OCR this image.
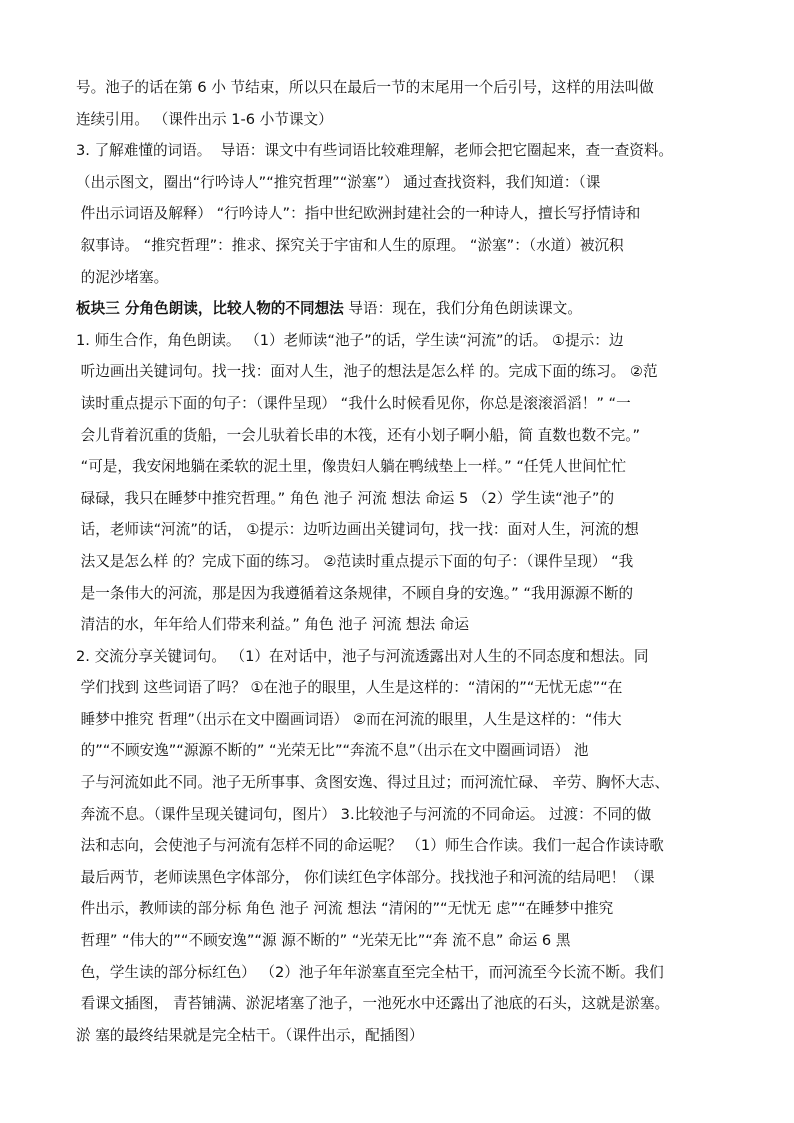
号。池子的话在第 6 小 节结束，所以只在最后一节的末尾用一个后引号，这样的用法叫做
连续引用。 （课件出示 1-6 小节课文）
3. 了解难懂的词语。  导语：课文中有些词语比较难理解，老师会把它圈起来，查一查资料。
（出示图文，圈出“行吟诗人”“推究哲理”“淤塞”） 通过查找资料，我们知道：（课
件出示词语及解释） “行吟诗人”：指中世纪欧洲封建社会的一种诗人，擅长写抒情诗和
叙事诗。 “推究哲理”：推求、探究关于宇宙和人生的原理。 “淤塞”：（水道）被沉积
的泥沙堵塞。
板块三 分角色朗读，比较人物的不同想法 导语：现在，我们分角色朗读课文。
1. 师生合作，角色朗读。 （1）老师读“池子”的话，学生读“河流”的话。 ①提示：边
听边画出关键词句。找一找：面对人生，池子的想法是怎么样 的。完成下面的练习。 ②范
读时重点提示下面的句子：（课件呈现） “我什么时候看见你，你总是滚滚滔滔！” “一
会儿背着沉重的货船，一会儿驮着长串的木筏，还有小划子啊小船，简 直数也数不完。”
“可是，我安闲地躺在柔软的泥土里，像贵妇人躺在鸭绒垫上一样。” “任凭人世间忙忙
碌碌，我只在睡梦中推究哲理。” 角色 池子 河流 想法 命运 5 （2）学生读“池子”的
话，老师读“河流”的话， ①提示：边听边画出关键词句，找一找：面对人生，河流的想
法又是怎么样 的？完成下面的练习。 ②范读时重点提示下面的句子：（课件呈现） “我
是一条伟大的河流，那是因为我遵循着这条规律，不顾自身的安逸。” “我用源源不断的
清洁的水，年年给人们带来利益。” 角色 池子 河流 想法 命运
2. 交流分享关键词句。 （1）在对话中，池子与河流透露出对人生的不同态度和想法。同
学们找到 这些词语了吗？ ①在池子的眼里，人生是这样的：“清闲的”“无忧无虑”“在
睡梦中推究 哲理”（出示在文中圈画词语） ②而在河流的眼里，人生是这样的：“伟大
的”“不顾安逸”“源源不断的” “光荣无比”“奔流不息”（出示在文中圈画词语） 池
子与河流如此不同。池子无所事事、贪图安逸、得过且过；而河流忙碌、 辛劳、胸怀大志、
奔流不息。（课件呈现关键词句，图片） 3.比较池子与河流的不同命运。 过渡：不同的做
法和志向，会使池子与河流有怎样不同的命运呢？ （1）师生合作读。我们一起合作读诗歌
最后两节，老师读黑色字体部分， 你们读红色字体部分。找找池子和河流的结局吧！（课
件出示，教师读的部分标 角色 池子 河流 想法 “清闲的”“无忧无 虑”“在睡梦中推究
哲理” “伟大的”“不顾安逸”“源 源不断的” “光荣无比”“奔 流不息” 命运 6 黑
色，学生读的部分标红色） （2）池子年年淤塞直至完全枯干，而河流至今长流不断。我们
看课文插图， 青苔铺满、淤泥堵塞了池子，一池死水中还露出了池底的石头，这就是淤塞。
淤 塞的最终结果就是完全枯干。（课件出示，配插图）
